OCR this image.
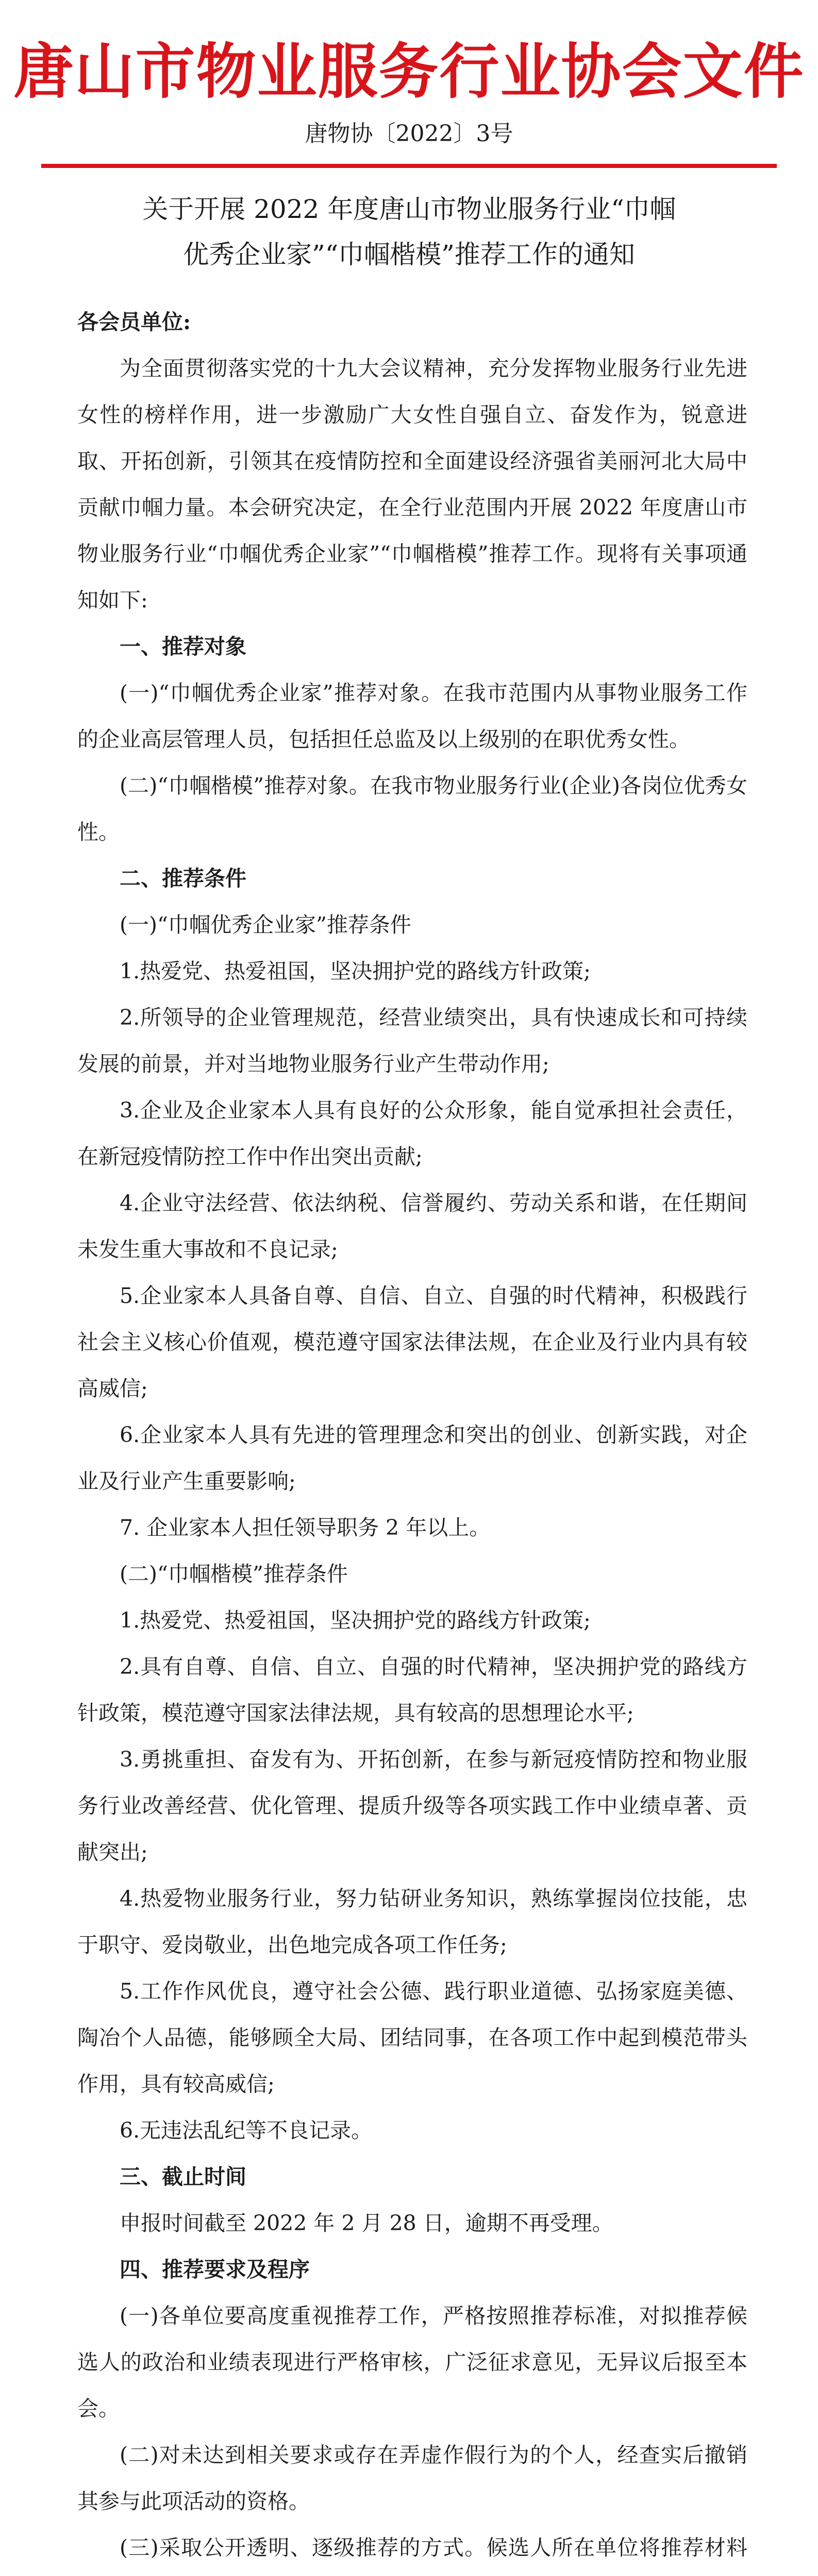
唐山市物业服务行业协会文件
唐物协〔2022〕3号
关于开展 2022 年度唐山市物业服务行业“巾帼
优秀企业家”“巾帼楷模”推荐工作的通知

各会员单位:

为全面贯彻落实党的十九大会议精神，充分发挥物业服务行业先进女性的榜样作用，进一步激励广大女性自强自立、奋发作为，锐意进取、开拓创新，引领其在疫情防控和全面建设经济强省美丽河北大局中贡献巾帼力量。本会研究决定，在全行业范围内开展 2022 年度唐山市物业服务行业“巾帼优秀企业家”“巾帼楷模”推荐工作。现将有关事项通知如下:

一、推荐对象

(一)“巾帼优秀企业家”推荐对象。在我市范围内从事物业服务工作的企业高层管理人员，包括担任总监及以上级别的在职优秀女性。

(二)“巾帼楷模”推荐对象。在我市物业服务行业(企业)各岗位优秀女性。

二、推荐条件

(一)“巾帼优秀企业家”推荐条件

1.热爱党、热爱祖国，坚决拥护党的路线方针政策;

2.所领导的企业管理规范，经营业绩突出，具有快速成长和可持续发展的前景，并对当地物业服务行业产生带动作用;

3.企业及企业家本人具有良好的公众形象，能自觉承担社会责任，在新冠疫情防控工作中作出突出贡献;

4.企业守法经营、依法纳税、信誉履约、劳动关系和谐，在任期间未发生重大事故和不良记录;

5.企业家本人具备自尊、自信、自立、自强的时代精神，积极践行社会主义核心价值观，模范遵守国家法律法规，在企业及行业内具有较高威信;

6.企业家本人具有先进的管理理念和突出的创业、创新实践，对企业及行业产生重要影响;

7. 企业家本人担任领导职务 2 年以上。

(二)“巾帼楷模”推荐条件

1.热爱党、热爱祖国，坚决拥护党的路线方针政策;

2.具有自尊、自信、自立、自强的时代精神，坚决拥护党的路线方针政策，模范遵守国家法律法规，具有较高的思想理论水平;

3.勇挑重担、奋发有为、开拓创新，在参与新冠疫情防控和物业服务行业改善经营、优化管理、提质升级等各项实践工作中业绩卓著、贡献突出;

4.热爱物业服务行业，努力钻研业务知识，熟练掌握岗位技能，忠于职守、爱岗敬业，出色地完成各项工作任务;

5.工作作风优良，遵守社会公德、践行职业道德、弘扬家庭美德、陶冶个人品德，能够顾全大局、团结同事，在各项工作中起到模范带头作用，具有较高威信;

6.无违法乱纪等不良记录。

三、截止时间

申报时间截至 2022 年 2 月 28 日，逾期不再受理。

四、推荐要求及程序

(一)各单位要高度重视推荐工作，严格按照推荐标准，对拟推荐候选人的政治和业绩表现进行严格审核，广泛征求意见，无异议后报至本会。

(二)对未达到相关要求或存在弄虚作假行为的个人，经查实后撤销其参与此项活动的资格。

(三)采取公开透明、逐级推荐的方式。候选人所在单位将推荐材料
